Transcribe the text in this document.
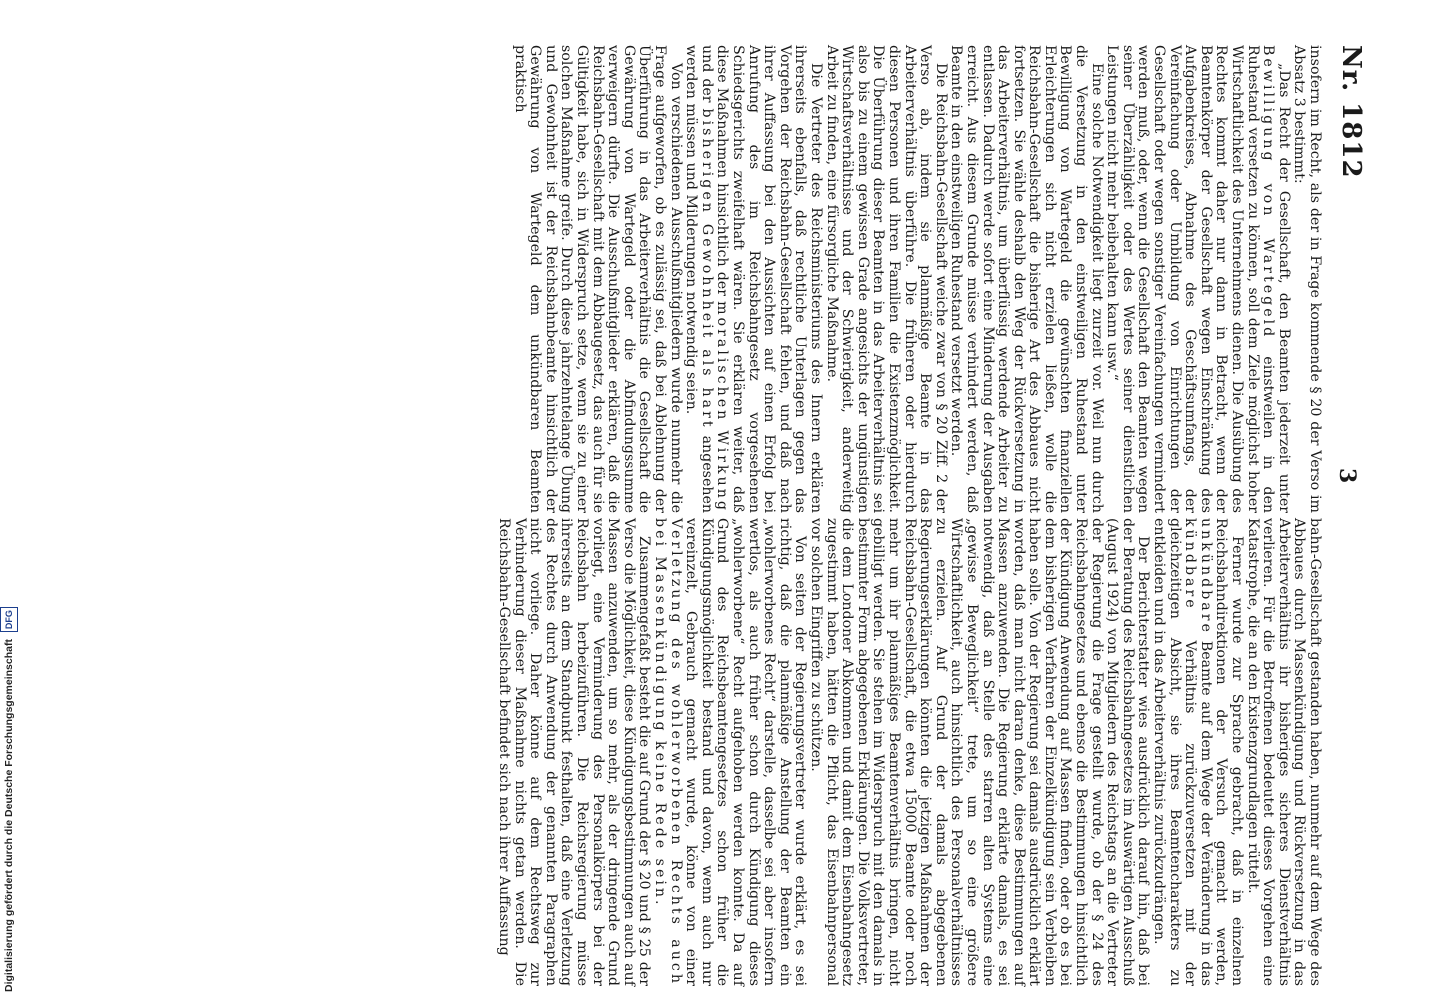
Nr. 1812
3

insofern im Recht, als der in Frage kommende § 20 der Verso im Absatz 3 bestimmt:

„Das Recht der Gesellschaft, den Beamten jederzeit unter Bewilligung von Wartegeld einstweilen in den Ruhestand versetzen zu können, soll dem Ziele möglichst hoher Wirtschaftlichkeit des Unternehmens dienen. Die Ausübung des Rechtes kommt daher nur dann in Betracht, wenn der Beamtenkörper der Gesellschaft wegen Einschränkung des Aufgabenkreises, Abnahme des Geschäftsumfangs, der Vereinfachung oder Umbildung von Einrichtungen der Gesellschaft oder wegen sonstiger Vereinfachungen vermindert werden muß, oder, wenn die Gesellschaft den Beamten wegen seiner Überzähligkeit oder des Wertes seiner dienstlichen Leistungen nicht mehr beibehalten kann usw.“

Eine solche Notwendigkeit liegt zurzeit vor. Weil nun durch die Versetzung in den einstweiligen Ruhestand unter Bewilligung von Wartegeld die gewünschten finanziellen Erleichterungen sich nicht erzielen ließen, wolle die Reichsbahn-Gesellschaft die bisherige Art des Abbaues nicht fortsetzen. Sie wähle deshalb den Weg der Rückversetzung in das Arbeiterverhältnis, um überflüssig werdende Arbeiter zu entlassen. Dadurch werde sofort eine Minderung der Ausgaben erreicht. Aus diesem Grunde müsse verhindert werden, daß Beamte in den einstweiligen Ruhestand versetzt werden.

Die Reichsbahn-Gesellschaft weiche zwar von § 20 Ziff. 2 der Verso ab, indem sie planmäßige Beamte in das Arbeiterverhältnis überführe. Die früheren oder hierdurch diesen Personen und ihren Familien die Existenzmöglichkeit. Die Überführung dieser Beamten in das Arbeiterverhältnis sei also bis zu einem gewissen Grade angesichts der ungünstigen Wirtschaftsverhältnisse und der Schwierigkeit, anderweitig Arbeit zu finden, eine fürsorgliche Maßnahme.

Die Vertreter des Reichsministeriums des Innern erklären ihrerseits ebenfalls, daß rechtliche Unterlagen gegen das Vorgehen der Reichsbahn-Gesellschaft fehlen, und daß nach ihrer Auffassung bei den Aussichten auf einen Erfolg bei Anrufung des im Reichsbahngesetz vorgesehenen Schiedsgerichts zweifelhaft wären. Sie erklären weiter, daß diese Maßnahmen hinsichtlich der moralischen Wirkung und der bisherigen Gewohnheit als hart angesehen werden müssen und Milderungen notwendig seien.

Von verschiedenen Ausschußmitgliedern wurde nunmehr die Frage aufgeworfen, ob es zulässig sei, daß bei Ablehnung der Überführung in das Arbeiterverhältnis die Gesellschaft die Gewährung von Wartegeld oder die Abfindungssumme verweigern dürfte. Die Ausschußmitglieder erklären, daß die Reichsbahn-Gesellschaft mit dem Abbaugesetz, das auch für sie Gültigkeit habe, sich in Widerspruch setze, wenn sie zu einer solchen Maßnahme greife. Durch diese jahrzehntelange Übung und Gewohnheit ist der Reichsbahnbeamte hinsichtlich der Gewährung von Wartegeld dem unkündbaren Beamten praktisch

bahn-Gesellschaft gestanden haben, nunmehr auf dem Wege des Abbaues durch Massenkündigung und Rückversetzung in das Arbeiterverhältnis ihr bisheriges sicheres Dienstverhältnis verlieren. Für die Betroffenen bedeutet dieses Vorgehen eine Katastrophe, die an den Existenzgrundlagen rüttelt.

Ferner wurde zur Sprache gebracht, daß in einzelnen Reichsbahndirektionen der Versuch gemacht werden, unkündbare Beamte auf dem Wege der Veränderung in das kündbare Verhältnis zurückzuversetzen mit der gleichzeitigen Absicht, sie ihres Beamtencharakters zu entkleiden und in das Arbeiterverhältnis zurückzudrängen.

Der Berichterstatter wies ausdrücklich darauf hin, daß bei der Beratung des Reichsbahngesetzes im Auswärtigen Ausschuß (August 1924) von Mitgliedern des Reichstags an die Vertreter der Regierung die Frage gestellt wurde, ob der § 24 des Reichsbahngesetzes und ebenso die Bestimmungen hinsichtlich der Kündigung Anwendung auf Massen finden, oder ob es bei dem bisherigen Verfahren der Einzelkündigung sein Verbleiben haben solle. Von der Regierung sei damals ausdrücklich erklärt worden, daß man nicht daran denke, diese Bestimmungen auf Massen anzuwenden. Die Regierung erklärte damals, es sei notwendig, daß an Stelle des starren alten Systems eine „gewisse Beweglichkeit“ trete, um so eine größere Wirtschaftlichkeit, auch hinsichtlich des Personalverhältnisses zu erzielen. Auf Grund der damals abgegebenen Regierungserklärungen könnten die jetzigen Maßnahmen der Reichsbahn-Gesellschaft, die etwa 15000 Beamte oder noch mehr um ihr planmäßiges Beamtenverhältnis bringen, nicht gebilligt werden. Sie stehen im Widerspruch mit den damals in bestimmter Form abgegebenen Erklärungen. Die Volksvertreter, die dem Londoner Abkommen und damit dem Eisenbahngesetz zugestimmt haben, hätten die Pflicht, das Eisenbahnpersonal vor solchen Eingriffen zu schützen.

Von seiten der Regierungsvertreter wurde erklärt, es sei richtig, daß die planmäßige Anstellung der Beamten ein „wohlerworbenes Recht“ darstelle, dasselbe sei aber insofern wertlos, als auch früher schon durch Kündigung dieses „wohlerworbene“ Recht aufgehoben werden konnte. Da auf Grund des Reichsbeamtengesetzes schon früher die Kündigungsmöglichkeit bestand und davon, wenn auch nur vereinzelt, Gebrauch gemacht wurde, könne von einer Verletzung des wohlerworbenen Rechts auch bei Massenkündigung keine Rede sein.

Zusammengefaßt besteht die auf Grund der § 20 und § 25 der Verso die Möglichkeit, diese Kündigungsbestimmungen auch auf Massen anzuwenden, um so mehr, als der dringende Grund vorliegt, eine Verminderung des Personalkörpers bei der Reichsbahn herbeizuführen. Die Reichsregierung müsse ihrerseits an dem Standpunkt festhalten, daß eine Verletzung des Rechtes durch Anwendung der genannten Paragraphen nicht vorliege. Daher könne auf dem Rechtsweg zur Verhinderung dieser Maßnahme nichts getan werden. Die Reichsbahn-Gesellschaft befindet sich nach ihrer Auffassung

Digitalisierung gefördert durch die Deutsche Forschungsgemeinschaft DFG
